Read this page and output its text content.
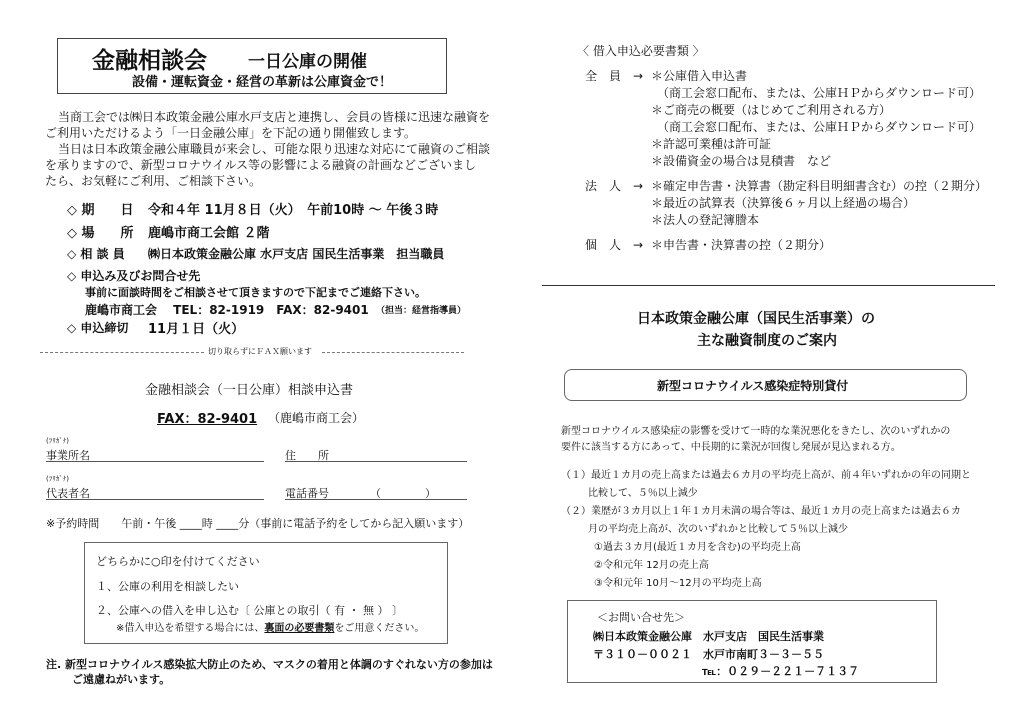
金融相談会 一日公庫の開催
設備・運転資金・経営の革新は公庫資金で！
当商工会では㈱日本政策金融公庫水戸支店と連携し、会員の皆様に迅速な融資を
ご利用いただけるよう「一日金融公庫」を下記の通り開催致します。
当日は日本政策金融公庫職員が来会し、可能な限り迅速な対応にて融資のご相談
を承りますので、新型コロナウイルス等の影響による融資の計画などございまし
たら、お気軽にご利用、ご相談下さい。
◇ 期　　日 令和４年 11月８日（火）　午前10時 ～ 午後３時
◇ 場　　所 鹿嶋市商工会館 ２階
◇ 相 談 員 ㈱日本政策金融公庫 水戸支店 国民生活事業　担当職員
◇ 申込み及びお問合せ先
事前に面談時間をご相談させて頂きますので下記までご連絡下さい。
鹿嶋市商工会　 TEL：82-1919　FAX：82-9401 （担当：経営指導員）
◇ 申込締切 11月１日（火）
切り取らずにＦＡＸ願います
金融相談会（一日公庫）相談申込書
FAX：82-9401 （鹿嶋市商工会）
(ﾌﾘｶﾞﾅ)
事業所名	住　　所
(ﾌﾘｶﾞﾅ)
代表者名	電話番号	（　　　　）
※予約時間　　午前・午後 ____時 ____分（事前に電話予約をしてから記入願います）
どちらかに○印を付けてください
１、公庫の利用を相談したい
２、公庫への借入を申し込む〔 公庫との取引（ 有 ・ 無 ） 〕
※借入申込を希望する場合には、裏面の必要書類をご用意ください。
注. 新型コロナウイルス感染拡大防止のため、マスクの着用と体調のすぐれない方の参加は
ご遠慮ねがいます。
〈 借入申込必要書類 〉
全　員　→ ＊公庫借入申込書
（商工会窓口配布、または、公庫ＨＰからダウンロード可）
＊ご商売の概要（はじめてご利用される方）
（商工会窓口配布、または、公庫ＨＰからダウンロード可）
＊許認可業種は許可証
＊設備資金の場合は見積書　など
法　人　→ ＊確定申告書・決算書（勘定科目明細書含む）の控（２期分）
＊最近の試算表（決算後６ヶ月以上経過の場合）
＊法人の登記簿謄本
個　人　→ ＊申告書・決算書の控（２期分）
日本政策金融公庫（国民生活事業）の
主な融資制度のご案内
新型コロナウイルス感染症特別貸付
新型コロナウイルス感染症の影響を受けて一時的な業況悪化をきたし、次のいずれかの
要件に該当する方にあって、中長期的に業況が回復し発展が見込まれる方。
（１）最近１カ月の売上高または過去６カ月の平均売上高が、前４年いずれかの年の同期と
比較して、５％以上減少
（２）業歴が３カ月以上１年１カ月未満の場合等は、最近１カ月の売上高または過去６カ
月の平均売上高が、次のいずれかと比較して５％以上減少
①過去３カ月(最近１カ月を含む)の平均売上高
②令和元年 12月の売上高
③令和元年 10月～12月の平均売上高
＜お問い合せ先＞
㈱日本政策金融公庫　水戸支店　国民生活事業
〒３１０－００２１　水戸市南町３－３－５５
℡：０２９－２２１－７１３７
